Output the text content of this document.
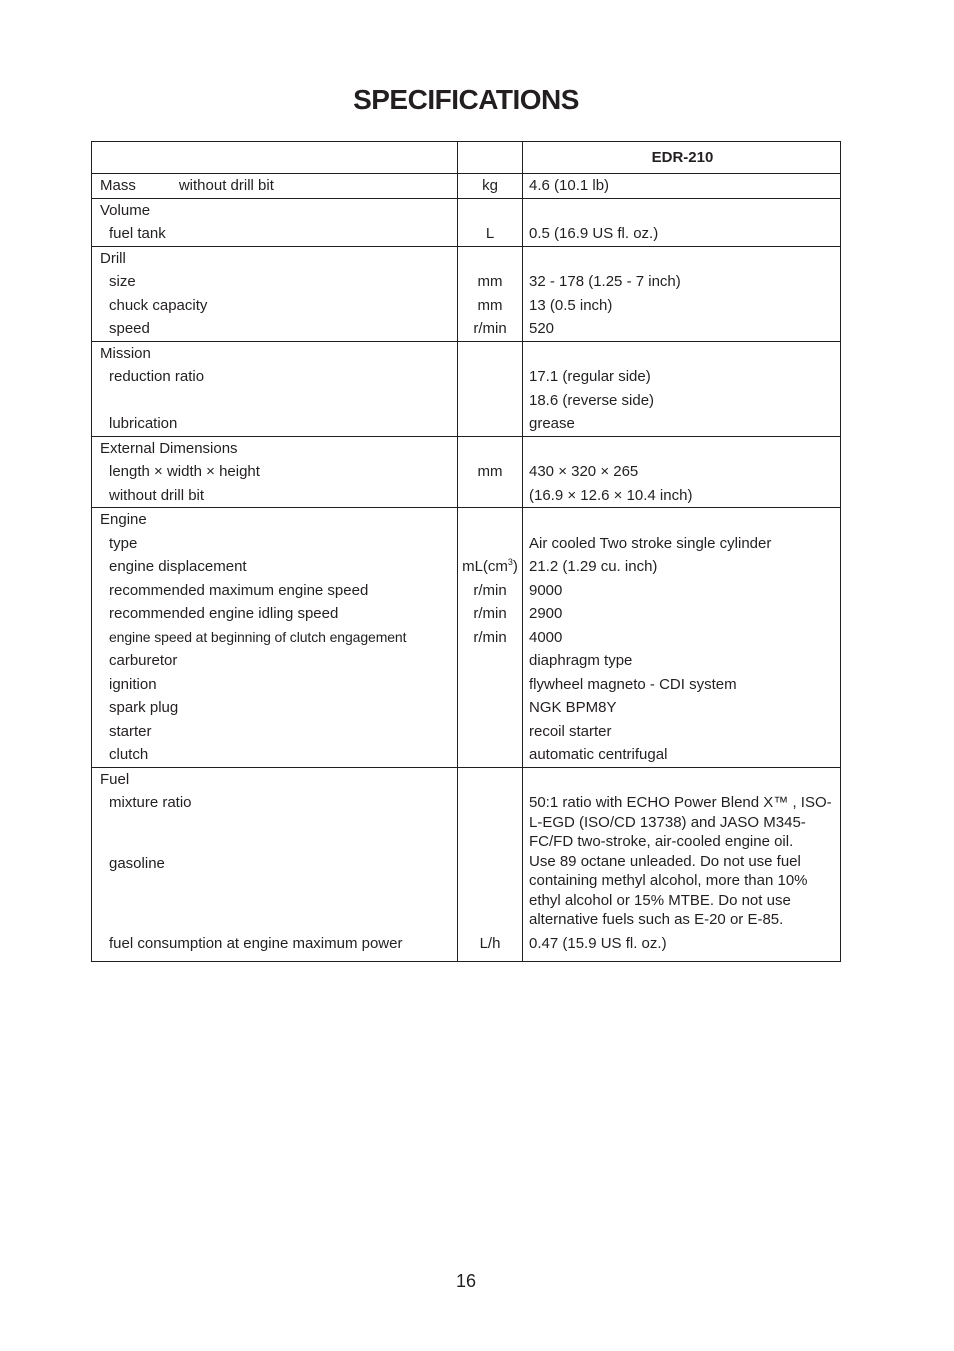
SPECIFICATIONS
		EDR-210
Mass without drill bit	kg	4.6 (10.1 lb)
Volume		
fuel tank	L	0.5 (16.9 US fl. oz.)
Drill		
size	mm	32 - 178 (1.25 - 7 inch)
chuck capacity	mm	13 (0.5 inch)
speed	r/min	520
Mission		
reduction ratio		17.1 (regular side)
		18.6 (reverse side)
lubrication		grease
External Dimensions		
length × width × height	mm	430 × 320 × 265
without drill bit		(16.9 × 12.6 × 10.4 inch)
Engine		
type		Air cooled Two stroke single cylinder
engine displacement	$mL(cm^3)$	21.2 (1.29 cu. inch)
recommended maximum engine speed	r/min	9000
recommended engine idling speed	r/min	2900
engine speed at beginning of clutch engagement	r/min	4000
carburetor		diaphragm type
ignition		flywheel magneto - CDI system
spark plug		NGK BPM8Y
starter		recoil starter
clutch		automatic centrifugal
Fuel		
mixture ratio		50:1 ratio with ECHO Power Blend X™ , ISO-L-EGD (ISO/CD 13738) and JASO M345-FC/FD two-stroke, air-cooled engine oil.

gasoline		Use 89 octane unleaded. Do not use fuel containing methyl alcohol, more than 10% ethyl alcohol or 15% MTBE. Do not use alternative fuels such as E-20 or E-85.

fuel consumption at engine maximum power	L/h	0.47 (15.9 US fl. oz.)
16
